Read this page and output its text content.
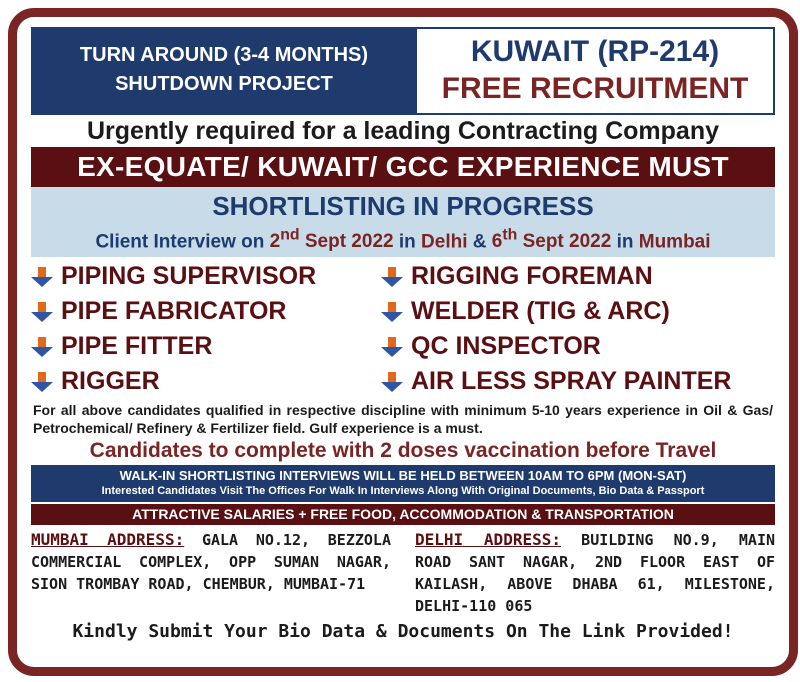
TURN AROUND (3-4 MONTHS)
SHUTDOWN PROJECT
KUWAIT (RP-214)
FREE RECRUITMENT
Urgently required for a leading Contracting Company
EX-EQUATE/ KUWAIT/ GCC EXPERIENCE MUST
SHORTLISTING IN PROGRESS
Client Interview on 2nd Sept 2022 in Delhi & 6th Sept 2022 in Mumbai
PIPING SUPERVISOR	RIGGING FOREMAN
PIPE FABRICATOR	WELDER (TIG & ARC)
PIPE FITTER	QC INSPECTOR
RIGGER	AIR LESS SPRAY PAINTER
For all above candidates qualified in respective discipline with minimum 5-10 years experience in Oil & Gas/ Petrochemical/ Refinery & Fertilizer field. Gulf experience is a must.
Candidates to complete with 2 doses vaccination before Travel
WALK-IN SHORTLISTING INTERVIEWS WILL BE HELD BETWEEN 10AM TO 6PM (MON-SAT)
Interested Candidates Visit The Offices For Walk In Interviews Along With Original Documents, Bio Data & Passport
ATTRACTIVE SALARIES + FREE FOOD, ACCOMMODATION & TRANSPORTATION
MUMBAI ADDRESS: GALA NO.12, BEZZOLA COMMERCIAL COMPLEX, OPP SUMAN NAGAR, SION TROMBAY ROAD, CHEMBUR, MUMBAI-71
DELHI ADDRESS: BUILDING NO.9, MAIN ROAD SANT NAGAR, 2ND FLOOR EAST OF KAILASH, ABOVE DHABA 61, MILESTONE, DELHI-110 065
Kindly Submit Your Bio Data & Documents On The Link Provided!
